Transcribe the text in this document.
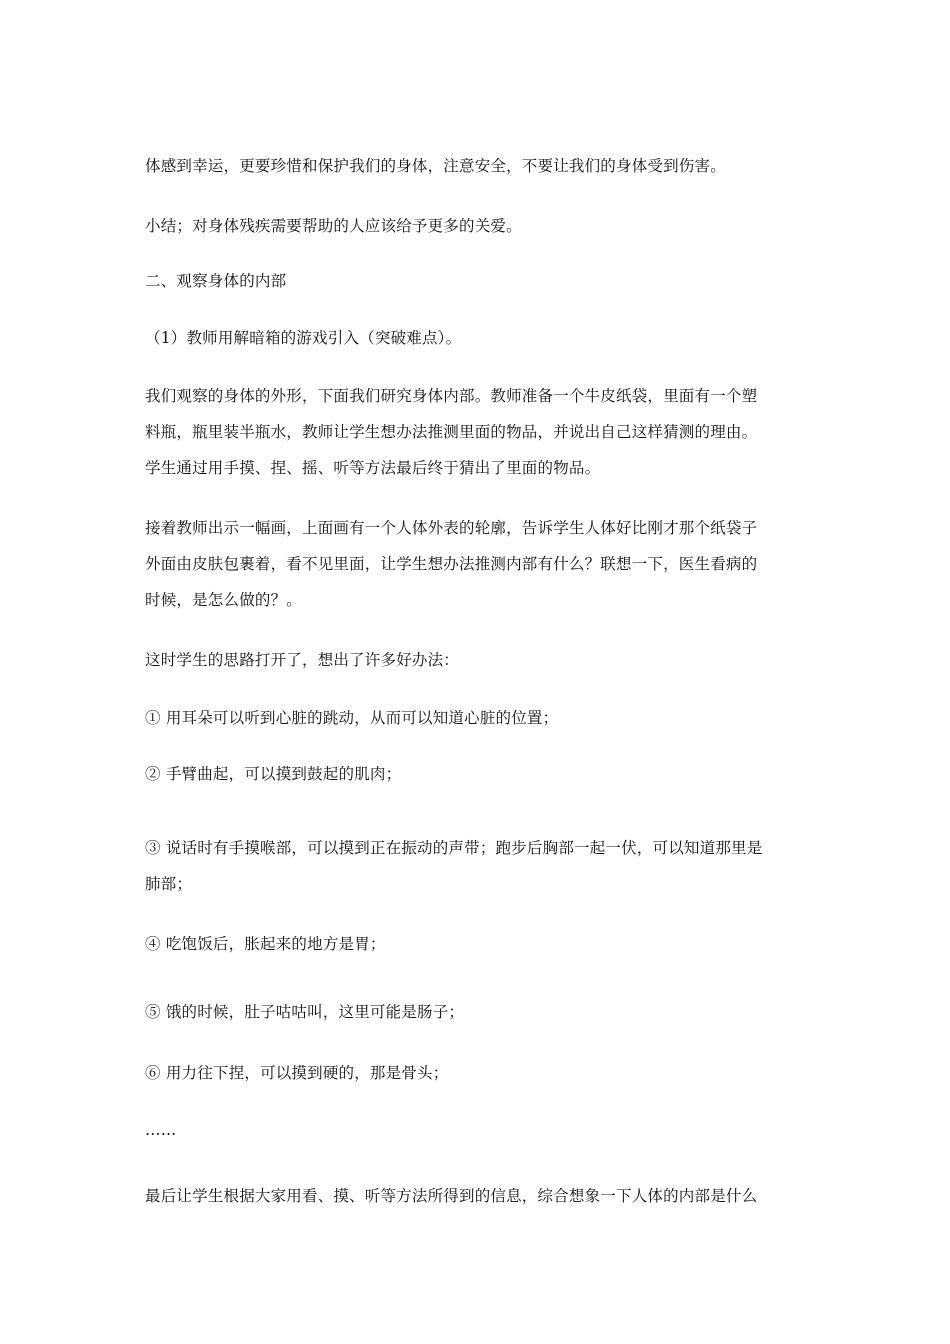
体感到幸运，更要珍惜和保护我们的身体，注意安全，不要让我们的身体受到伤害。
小结；对身体残疾需要帮助的人应该给予更多的关爱。
二、观察身体的内部
（1）教师用解暗箱的游戏引入（突破难点）。
我们观察的身体的外形，下面我们研究身体内部。教师准备一个牛皮纸袋，里面有一个塑
料瓶，瓶里装半瓶水，教师让学生想办法推测里面的物品，并说出自己这样猜测的理由。
学生通过用手摸、捏、摇、听等方法最后终于猜出了里面的物品。
接着教师出示一幅画，上面画有一个人体外表的轮廓，告诉学生人体好比刚才那个纸袋子
外面由皮肤包裹着，看不见里面，让学生想办法推测内部有什么？联想一下，医生看病的
时候，是怎么做的？。
这时学生的思路打开了，想出了许多好办法：
① 用耳朵可以听到心脏的跳动，从而可以知道心脏的位置；
② 手臂曲起，可以摸到鼓起的肌肉；
③ 说话时有手摸喉部，可以摸到正在振动的声带；跑步后胸部一起一伏，可以知道那里是
肺部；
④ 吃饱饭后，胀起来的地方是胃；
⑤ 饿的时候，肚子咕咕叫，这里可能是肠子；
⑥ 用力往下捏，可以摸到硬的，那是骨头；
……
最后让学生根据大家用看、摸、听等方法所得到的信息，综合想象一下人体的内部是什么
